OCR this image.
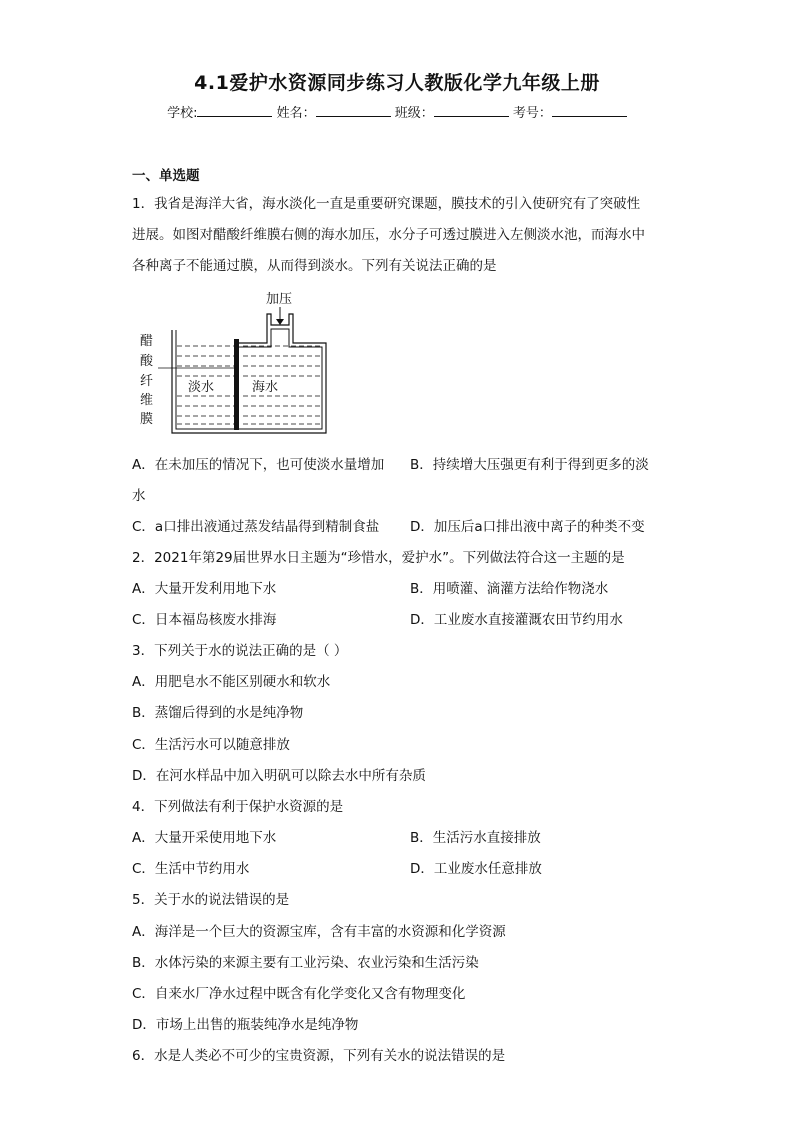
4.1爱护水资源同步练习人教版化学九年级上册
学校:	姓名：	班级：	考号：
一、单选题
1．我省是海洋大省，海水淡化一直是重要研究课题，膜技术的引入使研究有了突破性
进展。如图对醋酸纤维膜右侧的海水加压，水分子可透过膜进入左侧淡水池，而海水中
各种离子不能通过膜，从而得到淡水。下列有关说法正确的是
加压
醋
酸
纤
维
膜
淡水	海水
A．在未加压的情况下，也可使淡水量增加 B．持续增大压强更有利于得到更多的淡
水
C．a口排出液通过蒸发结晶得到精制食盐 D．加压后a口排出液中离子的种类不变
2．2021年第29届世界水日主题为“珍惜水，爱护水”。下列做法符合这一主题的是
A．大量开发利用地下水	B．用喷灌、滴灌方法给作物浇水
C．日本福岛核废水排海	D．工业废水直接灌溉农田节约用水
3．下列关于水的说法正确的是（ ）
A．用肥皂水不能区别硬水和软水
B．蒸馏后得到的水是纯净物
C．生活污水可以随意排放
D．在河水样品中加入明矾可以除去水中所有杂质
4．下列做法有利于保护水资源的是
A．大量开采使用地下水	B．生活污水直接排放
C．生活中节约用水	D．工业废水任意排放
5．关于水的说法错误的是
A．海洋是一个巨大的资源宝库，含有丰富的水资源和化学资源
B．水体污染的来源主要有工业污染、农业污染和生活污染
C．自来水厂净水过程中既含有化学变化又含有物理变化
D．市场上出售的瓶装纯净水是纯净物
6．水是人类必不可少的宝贵资源，下列有关水的说法错误的是
